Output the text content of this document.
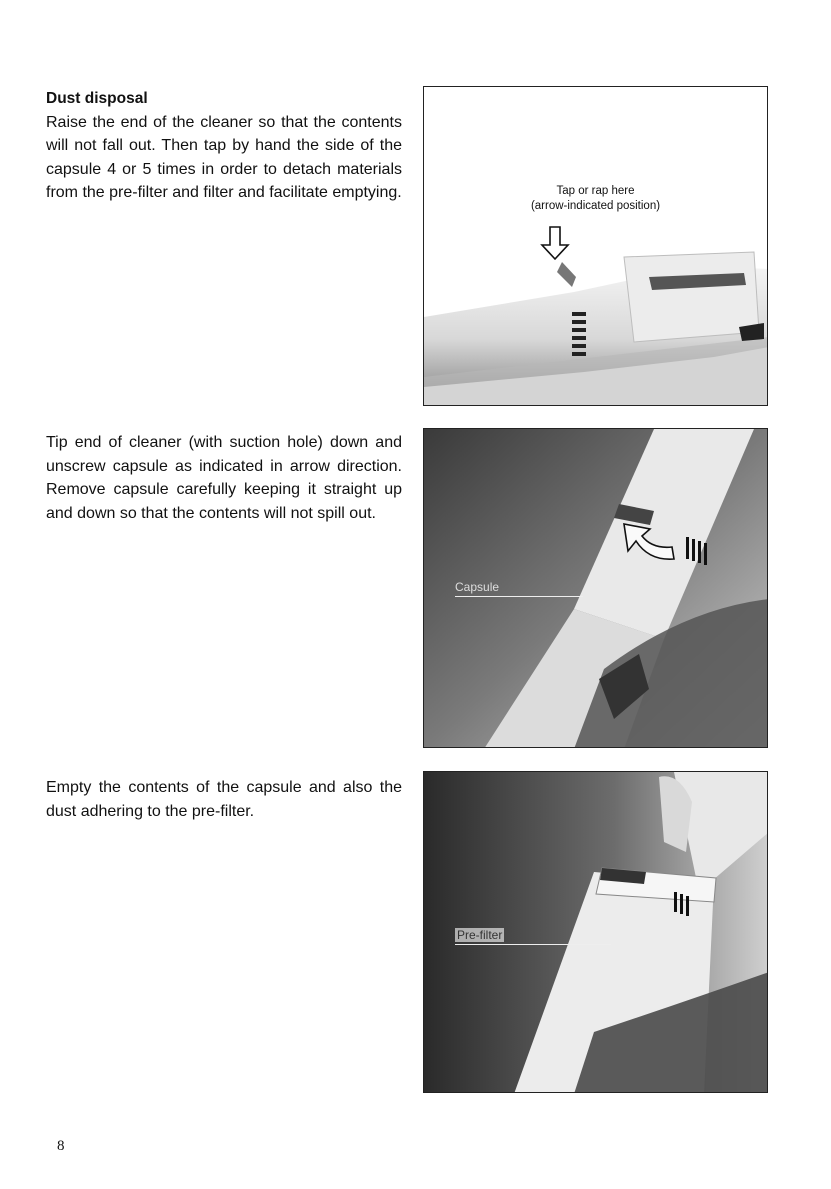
Dust disposal

Raise the end of the cleaner so that the contents will not fall out. Then tap by hand the side of the capsule 4 or 5 times in order to detach materials from the pre-filter and filter and facilitate emptying.	Tap or rap here
(arrow-indicated position)

Tip end of cleaner (with suction hole) down and unscrew capsule as indicated in arrow direction. Remove capsule carefully keeping it straight up and down so that the contents will not spill out.

Capsule

Empty the contents of the capsule and also the dust adhering to the pre-filter.

Pre-filter
8
